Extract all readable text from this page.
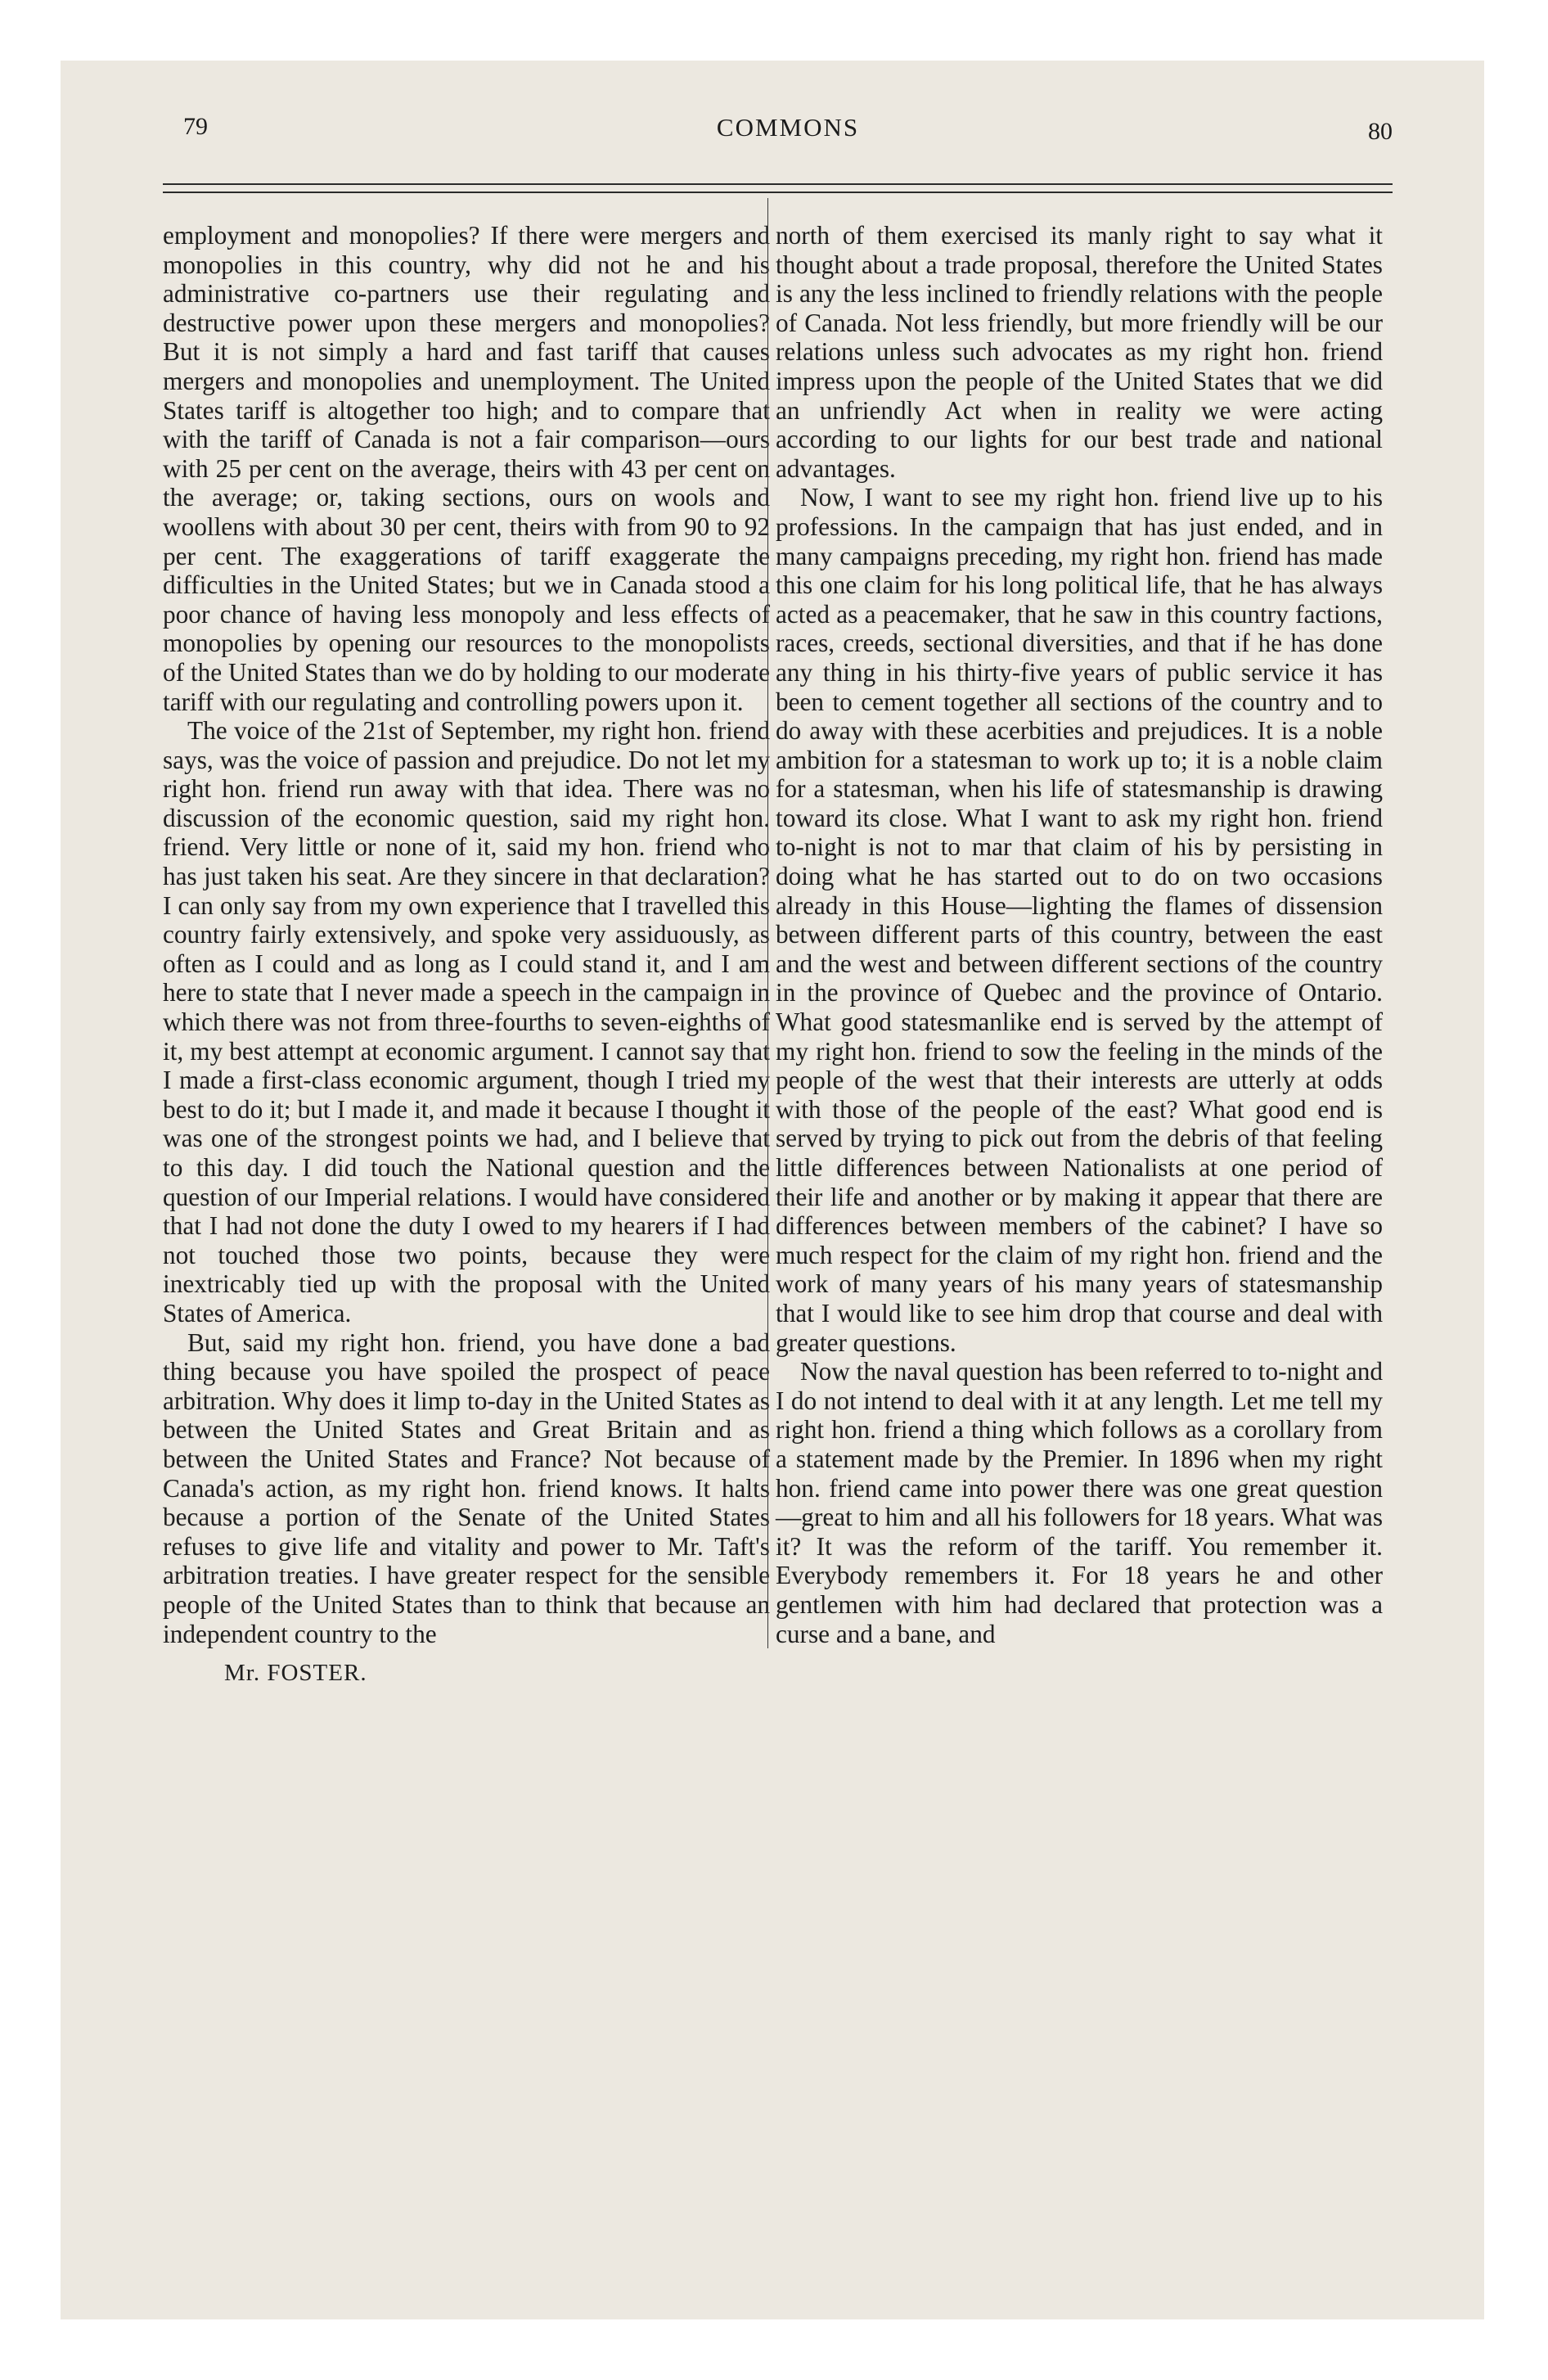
79	COMMONS	80

employment and monopolies? If there were mergers and monopolies in this country, why did not he and his administrative co-partners use their regulating and destructive power upon these mergers and monopolies? But it is not simply a hard and fast tariff that causes mergers and monopolies and unemployment. The United States tariff is altogether too high; and to compare that with the tariff of Canada is not a fair comparison—ours with 25 per cent on the average, theirs with 43 per cent on the average; or, taking sections, ours on wools and woollens with about 30 per cent, theirs with from 90 to 92 per cent. The exaggerations of tariff exaggerate the difficulties in the United States; but we in Canada stood a poor chance of having less monopoly and less effects of monopolies by opening our resources to the monopolists of the United States than we do by holding to our moderate tariff with our regulating and controlling powers upon it.

The voice of the 21st of September, my right hon. friend says, was the voice of passion and prejudice. Do not let my right hon. friend run away with that idea. There was no discussion of the economic question, said my right hon. friend. Very little or none of it, said my hon. friend who has just taken his seat. Are they sincere in that declaration? I can only say from my own experience that I travelled this country fairly extensively, and spoke very assiduously, as often as I could and as long as I could stand it, and I am here to state that I never made a speech in the campaign in which there was not from three-fourths to seven-eighths of it, my best attempt at economic argument. I cannot say that I made a first-class economic argument, though I tried my best to do it; but I made it, and made it because I thought it was one of the strongest points we had, and I believe that to this day. I did touch the National question and the question of our Imperial relations. I would have considered that I had not done the duty I owed to my hearers if I had not touched those two points, because they were inextricably tied up with the proposal with the United States of America.

But, said my right hon. friend, you have done a bad thing because you have spoiled the prospect of peace arbitration. Why does it limp to-day in the United States as between the United States and Great Britain and as between the United States and France? Not because of Canada's action, as my right hon. friend knows. It halts because a portion of the Senate of the United States refuses to give life and vitality and power to Mr. Taft's arbitration treaties. I have greater respect for the sensible people of the United States than to think that because an independent country to the

north of them exercised its manly right to say what it thought about a trade proposal, therefore the United States is any the less inclined to friendly relations with the people of Canada. Not less friendly, but more friendly will be our relations unless such advocates as my right hon. friend impress upon the people of the United States that we did an unfriendly Act when in reality we were acting according to our lights for our best trade and national advantages.

Now, I want to see my right hon. friend live up to his professions. In the campaign that has just ended, and in many campaigns preceding, my right hon. friend has made this one claim for his long political life, that he has always acted as a peacemaker, that he saw in this country factions, races, creeds, sectional diversities, and that if he has done any thing in his thirty-five years of public service it has been to cement together all sections of the country and to do away with these acerbities and prejudices. It is a noble ambition for a statesman to work up to; it is a noble claim for a statesman, when his life of statesmanship is drawing toward its close. What I want to ask my right hon. friend to-night is not to mar that claim of his by persisting in doing what he has started out to do on two occasions already in this House—lighting the flames of dissension between different parts of this country, between the east and the west and between different sections of the country in the province of Quebec and the province of Ontario. What good statesmanlike end is served by the attempt of my right hon. friend to sow the feeling in the minds of the people of the west that their interests are utterly at odds with those of the people of the east? What good end is served by trying to pick out from the debris of that feeling little differences between Nationalists at one period of their life and another or by making it appear that there are differences between members of the cabinet? I have so much respect for the claim of my right hon. friend and the work of many years of his many years of statesmanship that I would like to see him drop that course and deal with greater questions.

Now the naval question has been referred to to-night and I do not intend to deal with it at any length. Let me tell my right hon. friend a thing which follows as a corollary from a statement made by the Premier. In 1896 when my right hon. friend came into power there was one great question—great to him and all his followers for 18 years. What was it? It was the reform of the tariff. You remember it. Everybody remembers it. For 18 years he and other gentlemen with him had declared that protection was a curse and a bane, and

Mr. FOSTER.
